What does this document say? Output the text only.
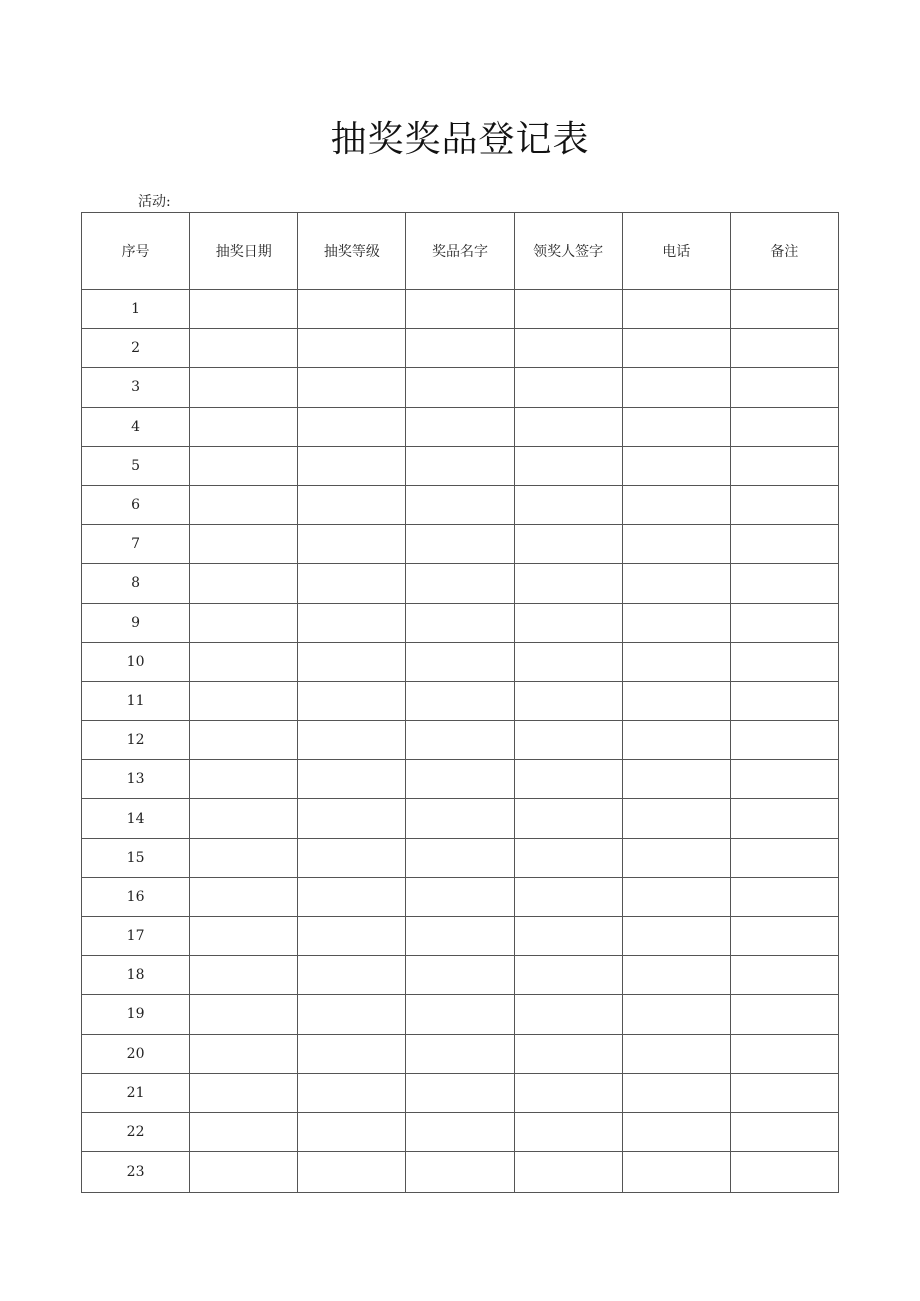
抽奖奖品登记表
活动:
序号	抽奖日期	抽奖等级	奖品名字	领奖人签字	电话	备注
1						
2						
3						
4						
5						
6						
7						
8						
9						
10						
11						
12						
13						
14						
15						
16						
17						
18						
19						
20						
21						
22						
23						
